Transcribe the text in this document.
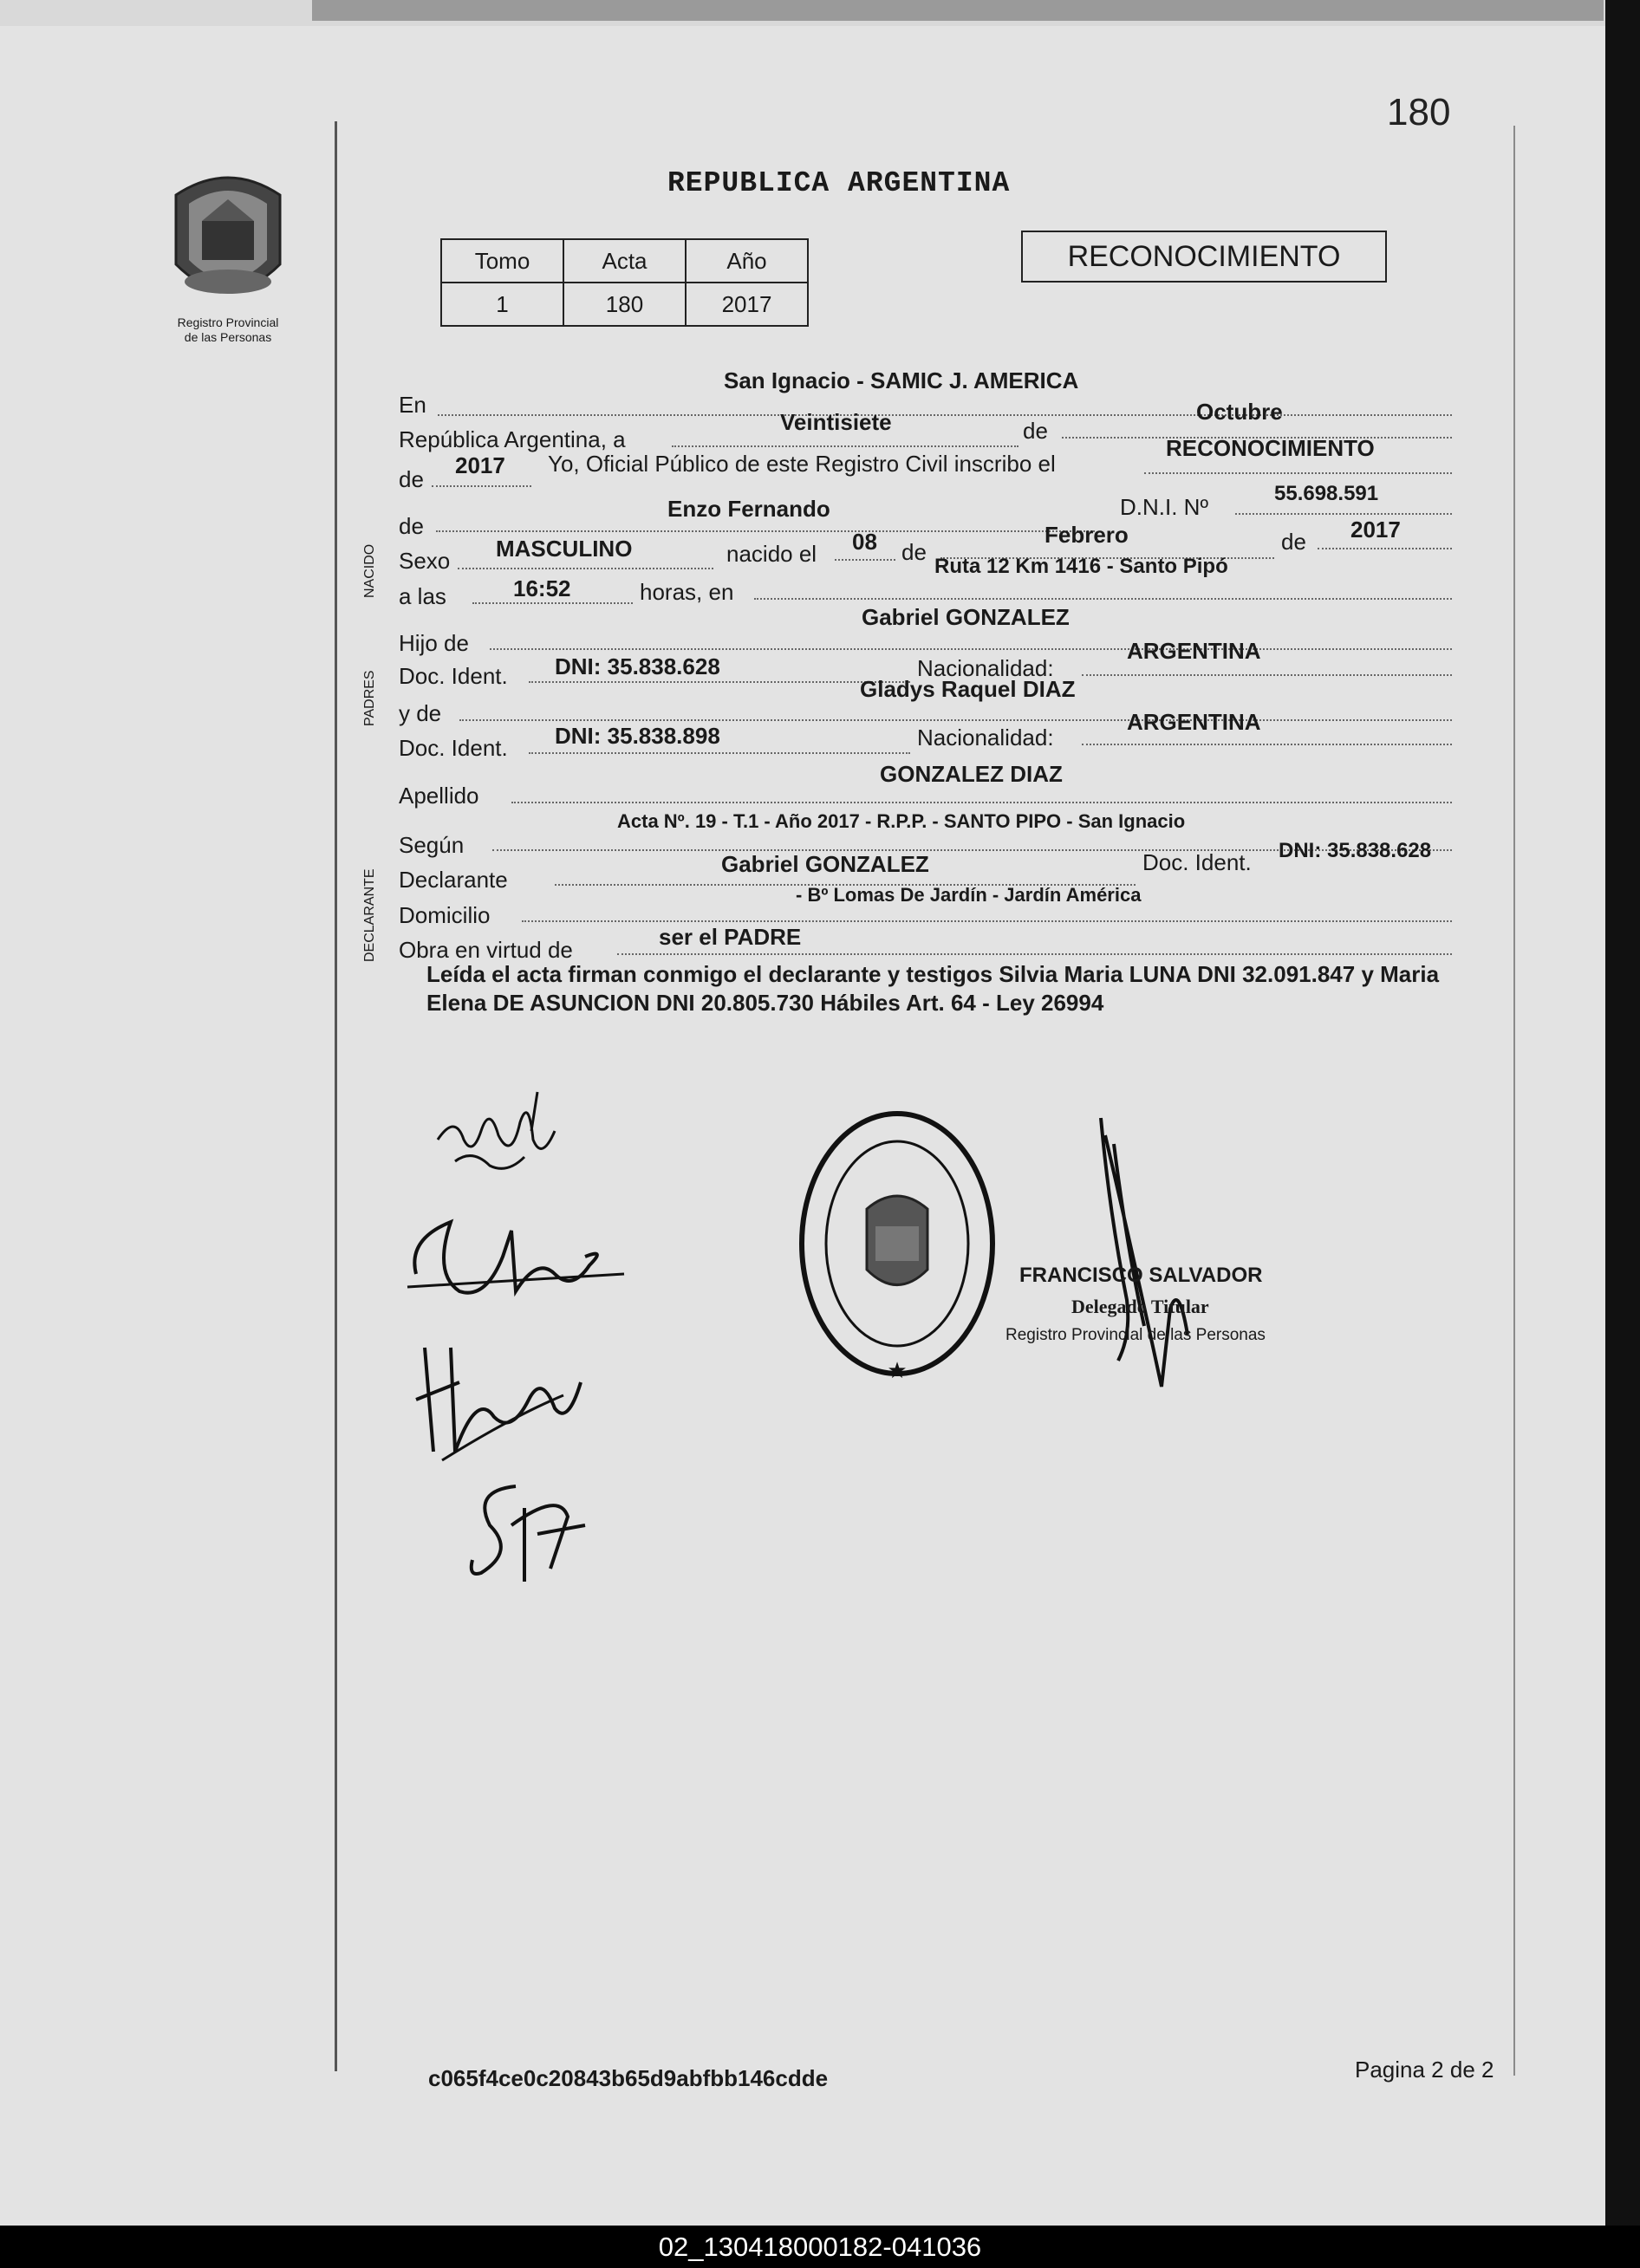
180
Registro Provincial
de las Personas
REPUBLICA ARGENTINA
Tomo	Acta	Año
1	180	2017
RECONOCIMIENTO
NACIDO
PADRES
DECLARANTE
En
San Ignacio - SAMIC J. AMERICA
República Argentina, a
Veintisiete	de
Octubre
de
2017 Yo, Oficial Público de este Registro Civil inscribo el
RECONOCIMIENTO
de
Enzo Fernando	D.N.I. Nº
55.698.591
Sexo MASCULINO	nacido el 08 de
Febrero	de 2017
a las	16:52	horas, en
Ruta 12 Km 1416 - Santo Pipó
Hijo de
Gabriel GONZALEZ
Doc. Ident. DNI: 35.838.628	Nacionalidad:
ARGENTINA
y de
Gladys Raquel DIAZ
Doc. Ident. DNI: 35.838.898	Nacionalidad:
ARGENTINA
Apellido
GONZALEZ DIAZ
Según
Acta Nº. 19 - T.1 - Año 2017 - R.P.P. - SANTO PIPO - San Ignacio
Declarante
Gabriel GONZALEZ	Doc. Ident. DNI: 35.838.628
Domicilio
- Bº Lomas De Jardín - Jardín América
Obra en virtud de	ser el PADRE
Leída el acta firman conmigo el declarante y testigos Silvia Maria LUNA DNI 32.091.847 y Maria Elena DE ASUNCION DNI 20.805.730 Hábiles Art. 64 - Ley 26994
★
FRANCISCO SALVADOR
Delegado Titular
Registro Provincial de las Personas
c065f4ce0c20843b65d9abfbb146cdde	Pagina 2 de 2
02_130418000182-041036
